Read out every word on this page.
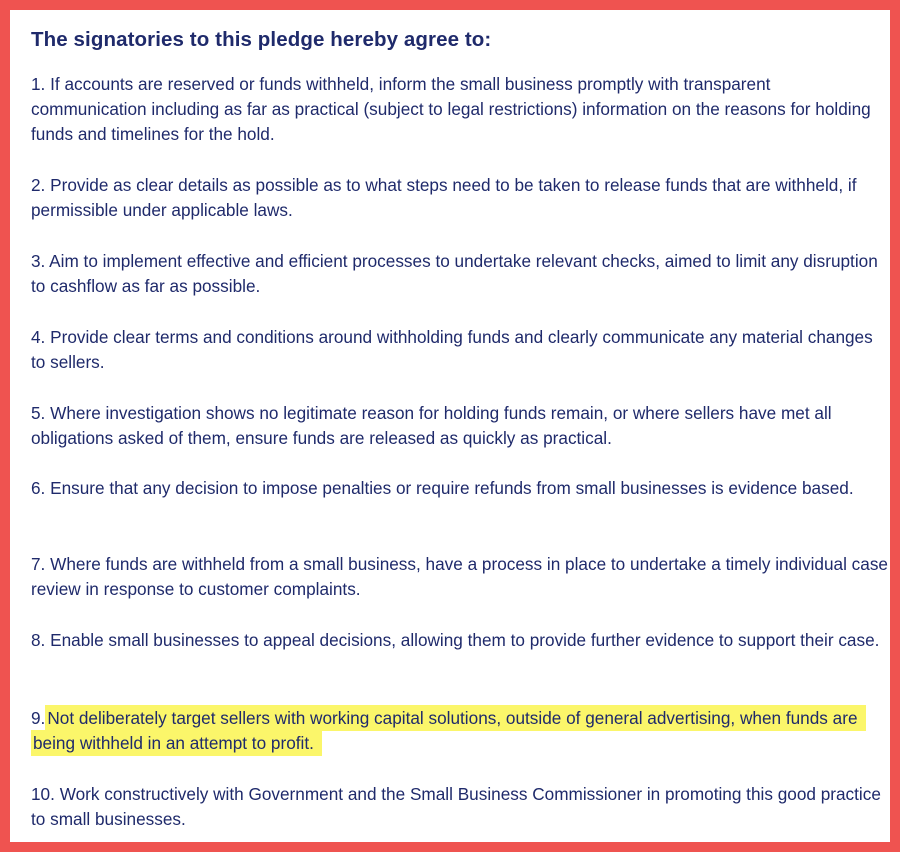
The signatories to this pledge hereby agree to:

1. If accounts are reserved or funds withheld, inform the small business promptly with transparent communication including as far as practical (subject to legal restrictions) information on the reasons for holding funds and timelines for the hold.

2. Provide as clear details as possible as to what steps need to be taken to release funds that are withheld, if permissible under applicable laws.

3. Aim to implement effective and efficient processes to undertake relevant checks, aimed to limit any disruption to cashflow as far as possible.

4. Provide clear terms and conditions around withholding funds and clearly communicate any material changes to sellers.

5. Where investigation shows no legitimate reason for holding funds remain, or where sellers have met all obligations asked of them, ensure funds are released as quickly as practical.

6. Ensure that any decision to impose penalties or require refunds from small businesses is evidence based.

7. Where funds are withheld from a small business, have a process in place to undertake a timely individual case review in response to customer complaints.

8. Enable small businesses to appeal decisions, allowing them to provide further evidence to support their case.

9. Not deliberately target sellers with working capital solutions, outside of general advertising, when funds are being withheld in an attempt to profit.

10. Work constructively with Government and the Small Business Commissioner in promoting this good practice to small businesses.
